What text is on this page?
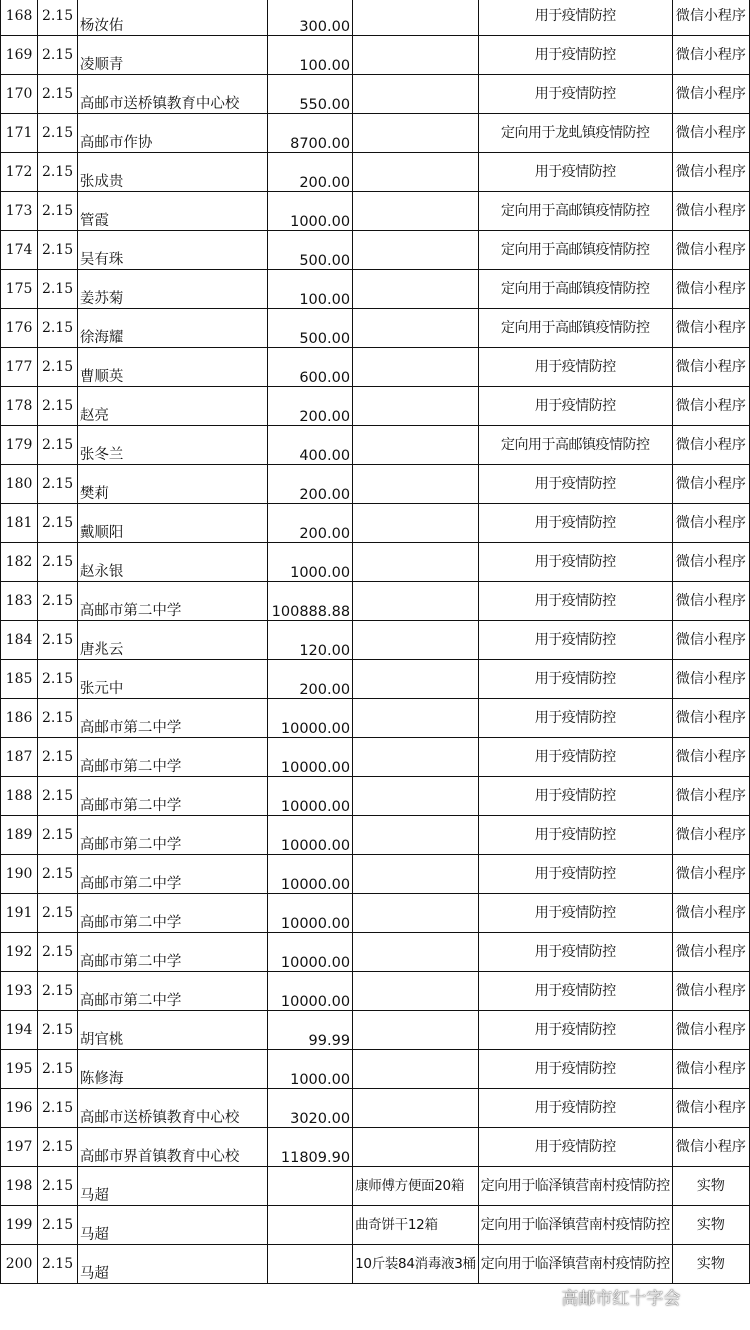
168	2.15	杨汝佑	300.00		用于疫情防控	微信小程序
169	2.15	凌顺青	100.00		用于疫情防控	微信小程序
170	2.15	高邮市送桥镇教育中心校	550.00		用于疫情防控	微信小程序
171	2.15	高邮市作协	8700.00		定向用于龙虬镇疫情防控	微信小程序
172	2.15	张成贵	200.00		用于疫情防控	微信小程序
173	2.15	管霞	1000.00		定向用于高邮镇疫情防控	微信小程序
174	2.15	吴有珠	500.00		定向用于高邮镇疫情防控	微信小程序
175	2.15	姜苏菊	100.00		定向用于高邮镇疫情防控	微信小程序
176	2.15	徐海耀	500.00		定向用于高邮镇疫情防控	微信小程序
177	2.15	曹顺英	600.00		用于疫情防控	微信小程序
178	2.15	赵亮	200.00		用于疫情防控	微信小程序
179	2.15	张冬兰	400.00		定向用于高邮镇疫情防控	微信小程序
180	2.15	樊莉	200.00		用于疫情防控	微信小程序
181	2.15	戴顺阳	200.00		用于疫情防控	微信小程序
182	2.15	赵永银	1000.00		用于疫情防控	微信小程序
183	2.15	高邮市第二中学	100888.88		用于疫情防控	微信小程序
184	2.15	唐兆云	120.00		用于疫情防控	微信小程序
185	2.15	张元中	200.00		用于疫情防控	微信小程序
186	2.15	高邮市第二中学	10000.00		用于疫情防控	微信小程序
187	2.15	高邮市第二中学	10000.00		用于疫情防控	微信小程序
188	2.15	高邮市第二中学	10000.00		用于疫情防控	微信小程序
189	2.15	高邮市第二中学	10000.00		用于疫情防控	微信小程序
190	2.15	高邮市第二中学	10000.00		用于疫情防控	微信小程序
191	2.15	高邮市第二中学	10000.00		用于疫情防控	微信小程序
192	2.15	高邮市第二中学	10000.00		用于疫情防控	微信小程序
193	2.15	高邮市第二中学	10000.00		用于疫情防控	微信小程序
194	2.15	胡官桃	99.99		用于疫情防控	微信小程序
195	2.15	陈修海	1000.00		用于疫情防控	微信小程序
196	2.15	高邮市送桥镇教育中心校	3020.00		用于疫情防控	微信小程序
197	2.15	高邮市界首镇教育中心校	11809.90		用于疫情防控	微信小程序
198	2.15	马超		康师傅方便面20箱	定向用于临泽镇营南村疫情防控	实物
199	2.15	马超		曲奇饼干12箱	定向用于临泽镇营南村疫情防控	实物
200	2.15	马超		10斤装84消毒液3桶	定向用于临泽镇营南村疫情防控	实物
高邮市红十字会
